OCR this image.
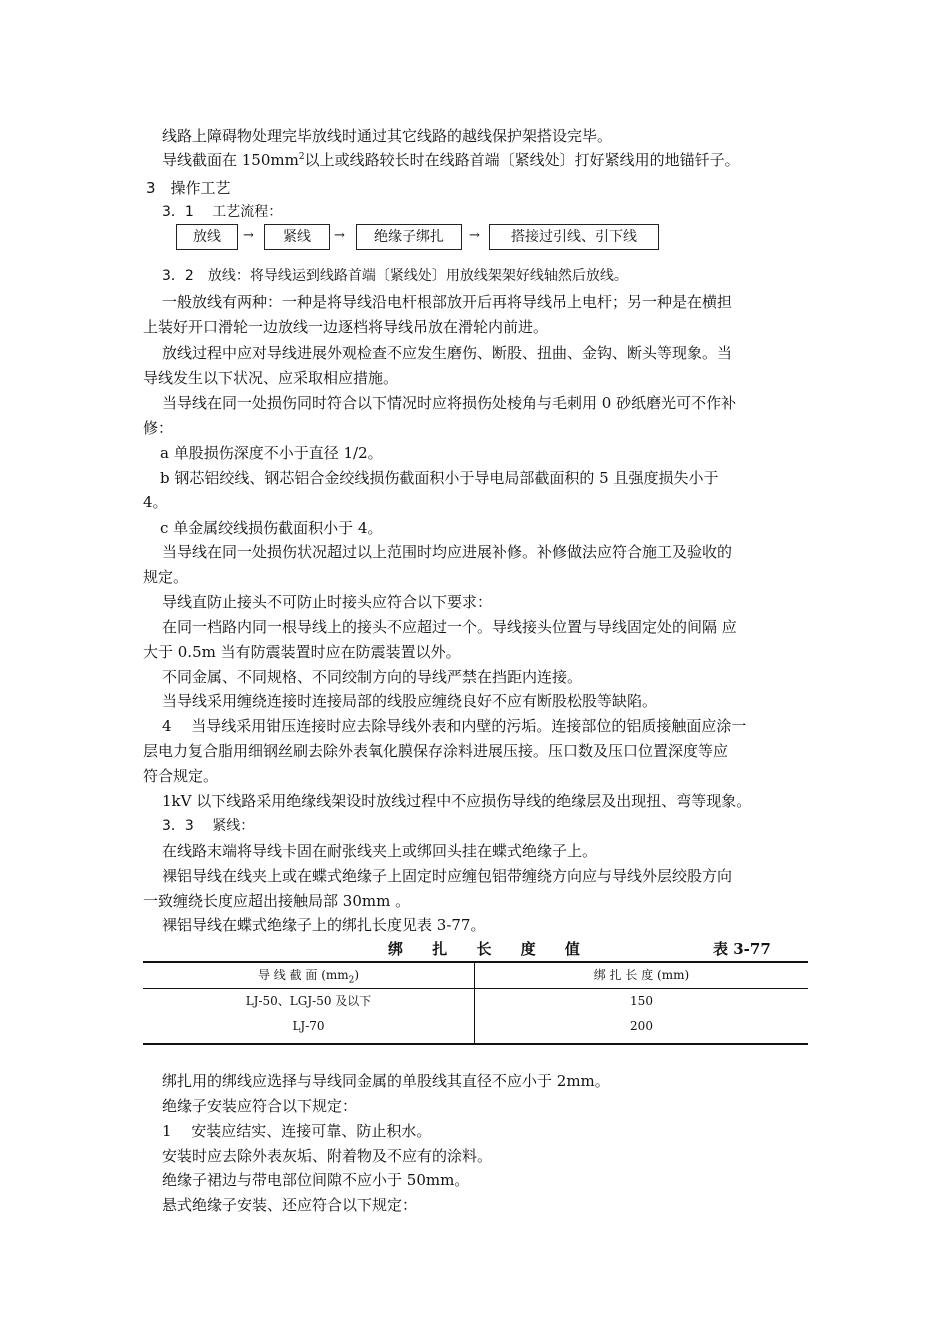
线路上障碍物处理完毕放线时通过其它线路的越线保护架搭设完毕。
导线截面在 $150mm^2$以上或线路较长时在线路首端〔紧线处〕打好紧线用的地锚钎子。
3　操作工艺
3．1　 工艺流程：
放线	→	紧线	→	绝缘子绑扎	→	搭接过引线、引下线
3．2　放线：将导线运到线路首端〔紧线处〕用放线架架好线轴然后放线。
一般放线有两种：一种是将导线沿电杆根部放开后再将导线吊上电杆；另一种是在横担
上装好开口滑轮一边放线一边逐档将导线吊放在滑轮内前进。
放线过程中应对导线进展外观检查不应发生磨伤、断股、扭曲、金钩、断头等现象。当
导线发生以下状况、应采取相应措施。
当导线在同一处损伤同时符合以下情况时应将损伤处棱角与毛刺用 0 砂纸磨光可不作补
修：
a 单股损伤深度不小于直径 1/2。
b 钢芯铝绞线、钢芯铝合金绞线损伤截面积小于导电局部截面积的 5 且强度损失小于
4。
c 单金属绞线损伤截面积小于 4。
当导线在同一处损伤状况超过以上范围时均应进展补修。补修做法应符合施工及验收的
规定。
导线直防止接头不可防止时接头应符合以下要求：
在同一档路内同一根导线上的接头不应超过一个。导线接头位置与导线固定处的间隔 应
大于 0.5m 当有防震装置时应在防震装置以外。
不同金属、不同规格、不同绞制方向的导线严禁在挡距内连接。
当导线采用缠绕连接时连接局部的线股应缠绕良好不应有断股松股等缺陷。
4　 当导线采用钳压连接时应去除导线外表和内壁的污垢。连接部位的铝质接触面应涂一
层电力复合脂用细钢丝刷去除外表氧化膜保存涂料进展压接。压口数及压口位置深度等应
符合规定。
1kV 以下线路采用绝缘线架设时放线过程中不应损伤导线的绝缘层及出现扭、弯等现象。
3．3　 紧线：
在线路末端将导线卡固在耐张线夹上或绑回头挂在蝶式绝缘子上。
裸铝导线在线夹上或在蝶式绝缘子上固定时应缠包铝带缠绕方向应与导线外层绞股方向
一致缠绕长度应超出接触局部 30mm 。
裸铝导线在蝶式绝缘子上的绑扎长度见表 3-77。
绑 扎 长 度 值	表 3-77
导 线 截 面 $(mm_2)$	绑 扎 长 度 (mm)
LJ-50、LGJ-50 及以下	150
LJ-70	200
绑扎用的绑线应选择与导线同金属的单股线其直径不应小于 2mm。
绝缘子安装应符合以下规定：
1　 安装应结实、连接可靠、防止积水。
安装时应去除外表灰垢、附着物及不应有的涂料。
绝缘子裙边与带电部位间隙不应小于 50mm。
悬式绝缘子安装、还应符合以下规定：
